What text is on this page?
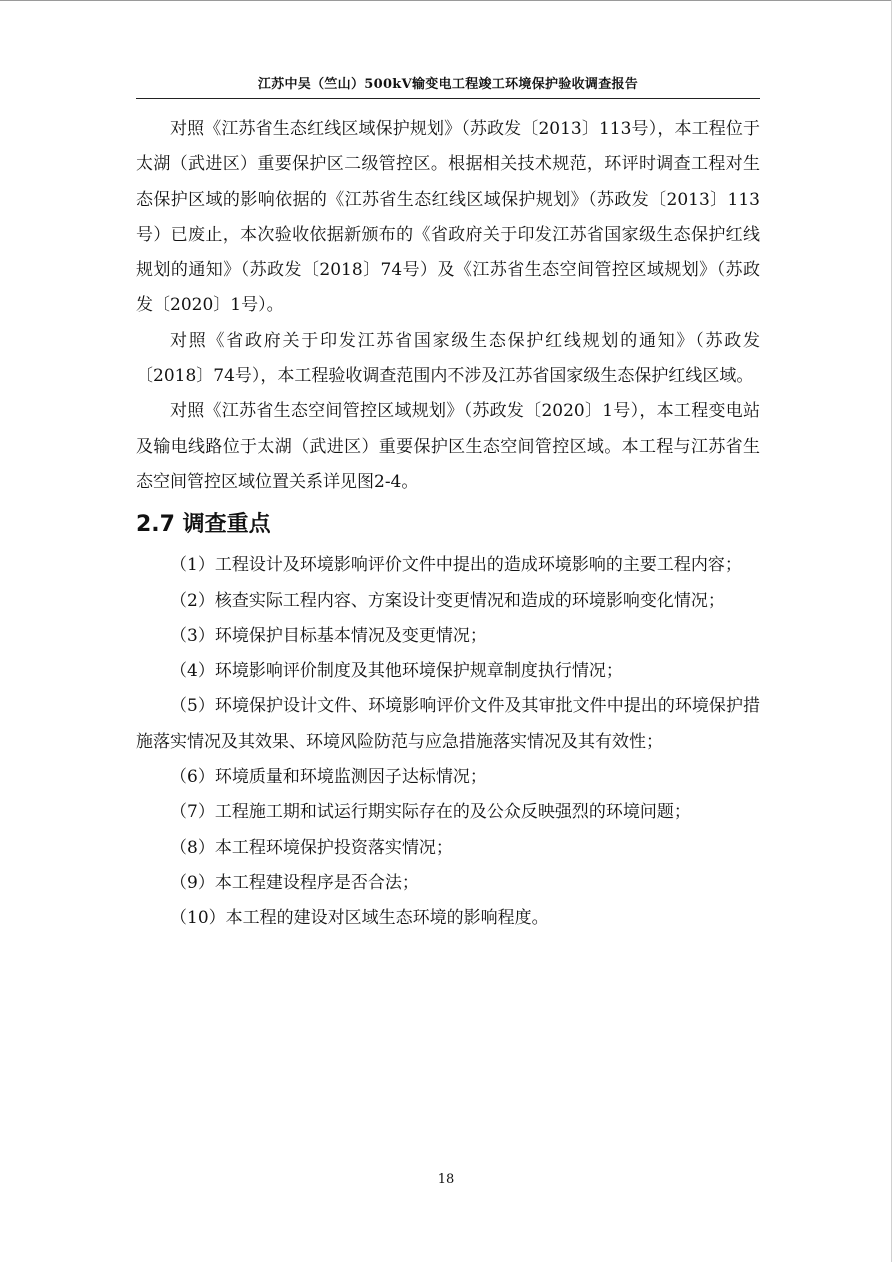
江苏中吴（竺山）500kV输变电工程竣工环境保护验收调查报告

对照《江苏省生态红线区域保护规划》（苏政发〔2013〕113号），本工程位于太湖（武进区）重要保护区二级管控区。根据相关技术规范，环评时调查工程对生态保护区域的影响依据的《江苏省生态红线区域保护规划》（苏政发〔2013〕113号）已废止，本次验收依据新颁布的《省政府关于印发江苏省国家级生态保护红线规划的通知》（苏政发〔2018〕74号）及《江苏省生态空间管控区域规划》（苏政发〔2020〕1号）。

对照《省政府关于印发江苏省国家级生态保护红线规划的通知》（苏政发〔2018〕74号），本工程验收调查范围内不涉及江苏省国家级生态保护红线区域。

对照《江苏省生态空间管控区域规划》（苏政发〔2020〕1号），本工程变电站及输电线路位于太湖（武进区）重要保护区生态空间管控区域。本工程与江苏省生态空间管控区域位置关系详见图2-4。

2.7 调查重点

（1）工程设计及环境影响评价文件中提出的造成环境影响的主要工程内容；

（2）核查实际工程内容、方案设计变更情况和造成的环境影响变化情况；

（3）环境保护目标基本情况及变更情况；

（4）环境影响评价制度及其他环境保护规章制度执行情况；

（5）环境保护设计文件、环境影响评价文件及其审批文件中提出的环境保护措施落实情况及其效果、环境风险防范与应急措施落实情况及其有效性；

（6）环境质量和环境监测因子达标情况；

（7）工程施工期和试运行期实际存在的及公众反映强烈的环境问题；

（8）本工程环境保护投资落实情况；

（9）本工程建设程序是否合法；

（10）本工程的建设对区域生态环境的影响程度。

18
